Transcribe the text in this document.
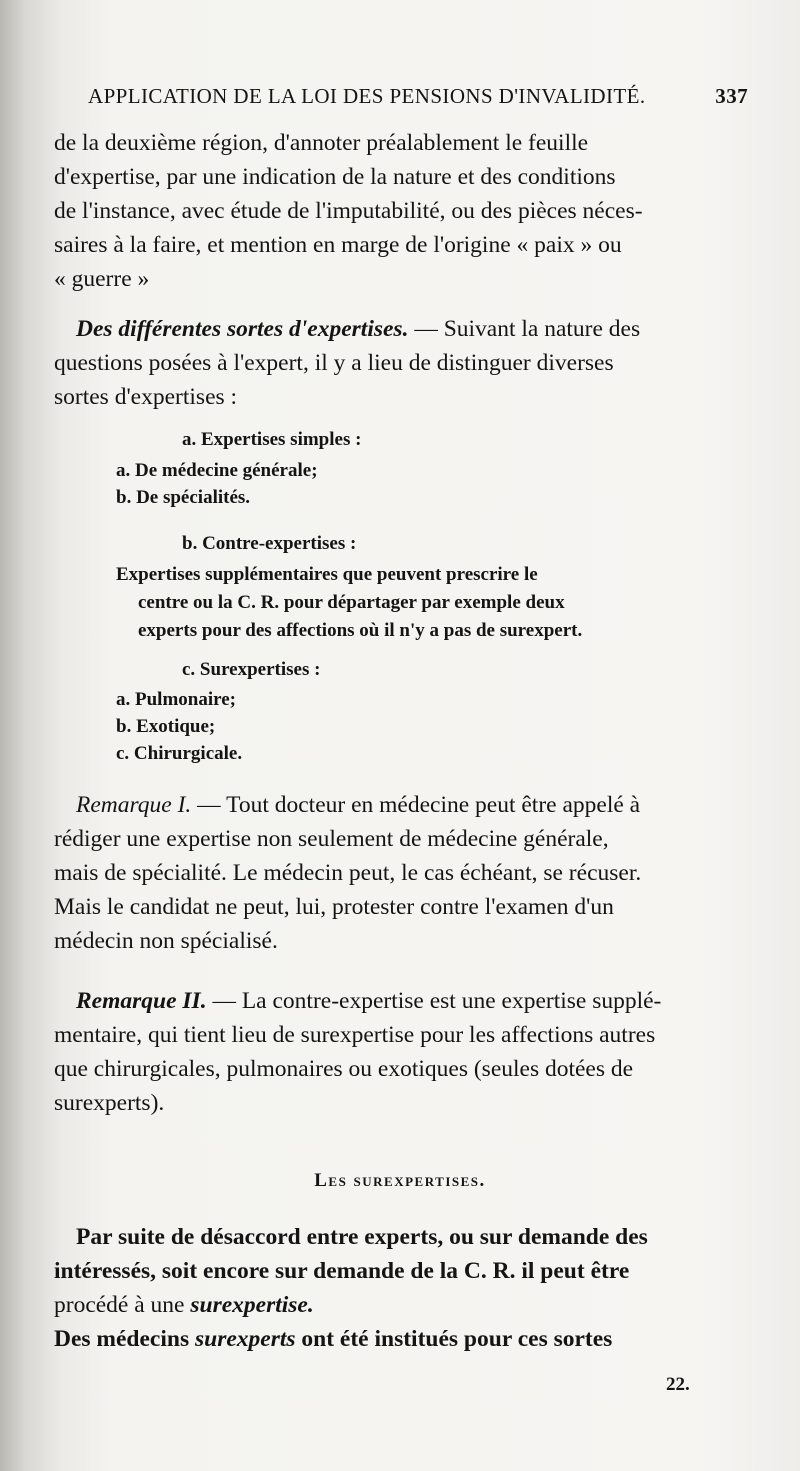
APPLICATION DE LA LOI DES PENSIONS D'INVALIDITÉ.	337
de la deuxième région, d'annoter préalablement le feuille
d'expertise, par une indication de la nature et des conditions
de l'instance, avec étude de l'imputabilité, ou des pièces néces-
saires à la faire, et mention en marge de l'origine « paix » ou
« guerre »
Des différentes sortes d'expertises. — Suivant la nature des
questions posées à l'expert, il y a lieu de distinguer diverses
sortes d'expertises :
a. Expertises simples :
a. De médecine générale;
b. De spécialités.
b. Contre-expertises :
Expertises supplémentaires que peuvent prescrire le
centre ou la C. R. pour départager par exemple deux
experts pour des affections où il n'y a pas de surexpert.
c. Surexpertises :
a. Pulmonaire;
b. Exotique;
c. Chirurgicale.
Remarque I. — Tout docteur en médecine peut être appelé à
rédiger une expertise non seulement de médecine générale,
mais de spécialité. Le médecin peut, le cas échéant, se récuser.
Mais le candidat ne peut, lui, protester contre l'examen d'un
médecin non spécialisé.
Remarque II. — La contre-expertise est une expertise supplé-
mentaire, qui tient lieu de surexpertise pour les affections autres
que chirurgicales, pulmonaires ou exotiques (seules dotées de
surexperts).
Les surexpertises.
Par suite de désaccord entre experts, ou sur demande des
intéressés, soit encore sur demande de la C. R. il peut être
procédé à une surexpertise.
Des médecins surexperts ont été institués pour ces sortes
22.
